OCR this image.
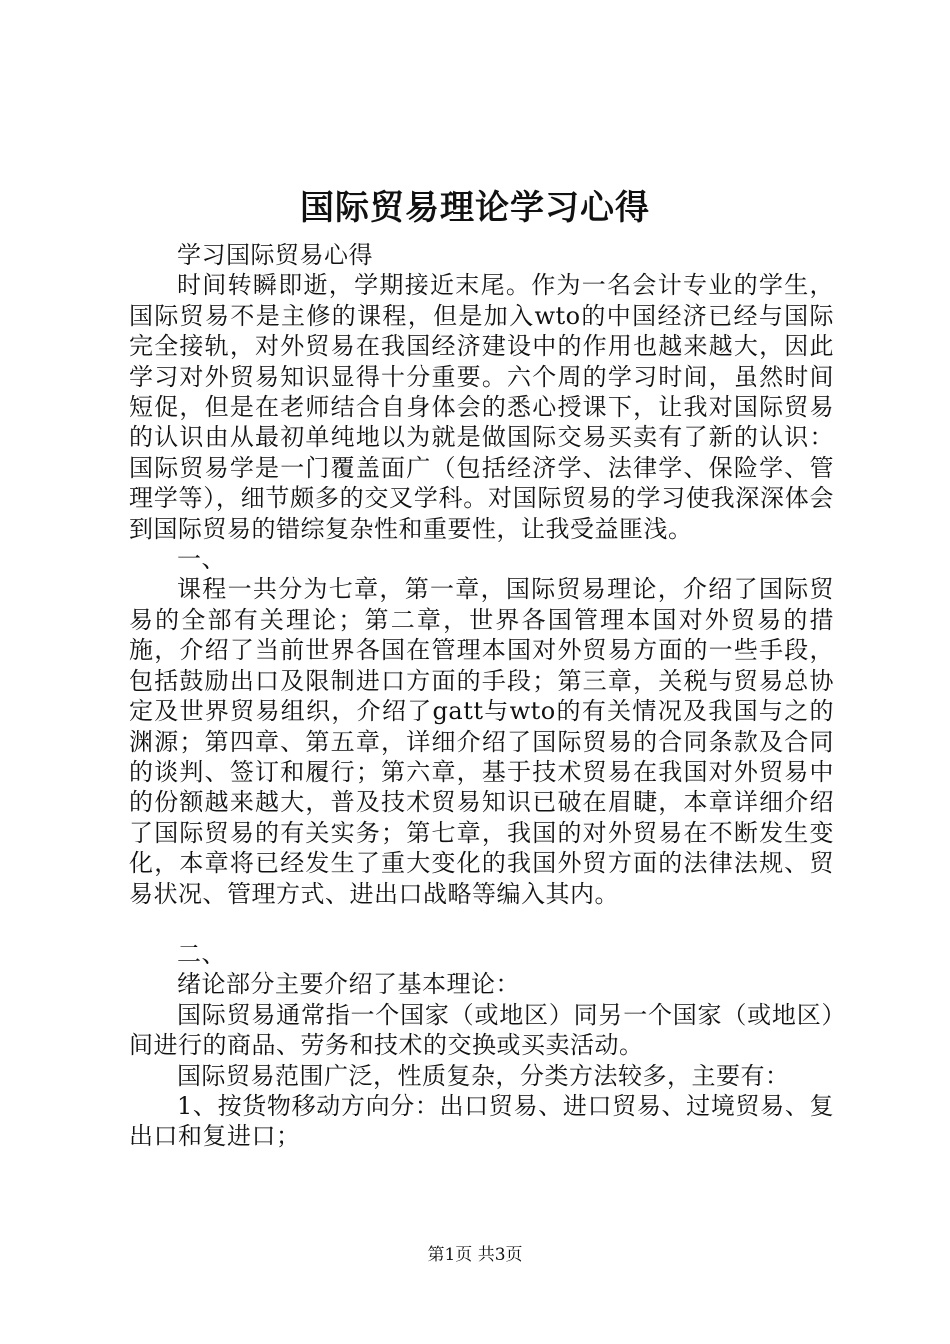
国际贸易理论学习心得

学习国际贸易心得

时间转瞬即逝，学期接近末尾。作为一名会计专业的学生，国际贸易不是主修的课程，但是加入wto的中国经济已经与国际完全接轨，对外贸易在我国经济建设中的作用也越来越大，因此学习对外贸易知识显得十分重要。六个周的学习时间，虽然时间短促，但是在老师结合自身体会的悉心授课下，让我对国际贸易的认识由从最初单纯地以为就是做国际交易买卖有了新的认识：国际贸易学是一门覆盖面广（包括经济学、法律学、保险学、管理学等），细节颇多的交叉学科。对国际贸易的学习使我深深体会到国际贸易的错综复杂性和重要性，让我受益匪浅。

一、

课程一共分为七章，第一章，国际贸易理论，介绍了国际贸易的全部有关理论；第二章，世界各国管理本国对外贸易的措施，介绍了当前世界各国在管理本国对外贸易方面的一些手段，包括鼓励出口及限制进口方面的手段；第三章，关税与贸易总协定及世界贸易组织，介绍了gatt与wto的有关情况及我国与之的渊源；第四章、第五章，详细介绍了国际贸易的合同条款及合同的谈判、签订和履行；第六章，基于技术贸易在我国对外贸易中的份额越来越大，普及技术贸易知识已破在眉睫，本章详细介绍了国际贸易的有关实务；第七章，我国的对外贸易在不断发生变化，本章将已经发生了重大变化的我国外贸方面的法律法规、贸易状况、管理方式、进出口战略等编入其内。

二、

绪论部分主要介绍了基本理论：

国际贸易通常指一个国家（或地区）同另一个国家（或地区）间进行的商品、劳务和技术的交换或买卖活动。

国际贸易范围广泛，性质复杂，分类方法较多，主要有：

1、按货物移动方向分：出口贸易、进口贸易、过境贸易、复出口和复进口；

第1页 共3页
